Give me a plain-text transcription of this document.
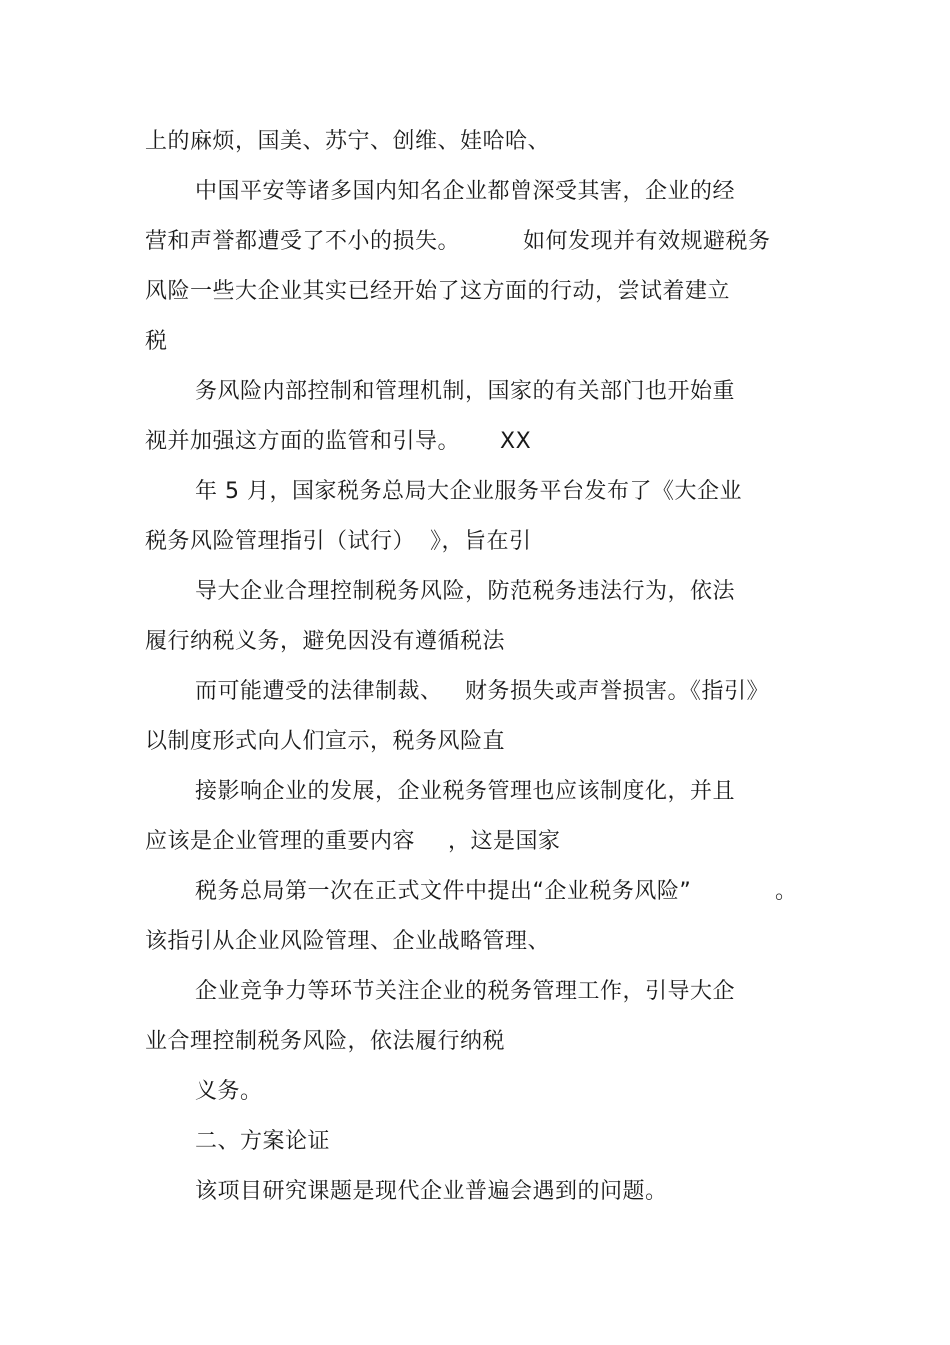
上的麻烦，国美、苏宁、创维、娃哈哈、
中国平安等诸多国内知名企业都曾深受其害，企业的经
营和声誉都遭受了不小的损失。	如何发现并有效规避税务
风险一些大企业其实已经开始了这方面的行动，尝试着建立
税
务风险内部控制和管理机制，国家的有关部门也开始重
视并加强这方面的监管和引导。 XX
年 5 月，国家税务总局大企业服务平台发布了《大企业
税务风险管理指引（试行） 》，旨在引
导大企业合理控制税务风险，防范税务违法行为，依法
履行纳税义务，避免因没有遵循税法
而可能遭受的法律制裁、 财务损失或声誉损害。《指引》
以制度形式向人们宣示，税务风险直
接影响企业的发展，企业税务管理也应该制度化，并且
应该是企业管理的重要内容 ，这是国家
税务总局第一次在正式文件中提出“企业税务风险”	。
该指引从企业风险管理、企业战略管理、
企业竞争力等环节关注企业的税务管理工作，引导大企
业合理控制税务风险，依法履行纳税
义务。
二、方案论证
该项目研究课题是现代企业普遍会遇到的问题。
